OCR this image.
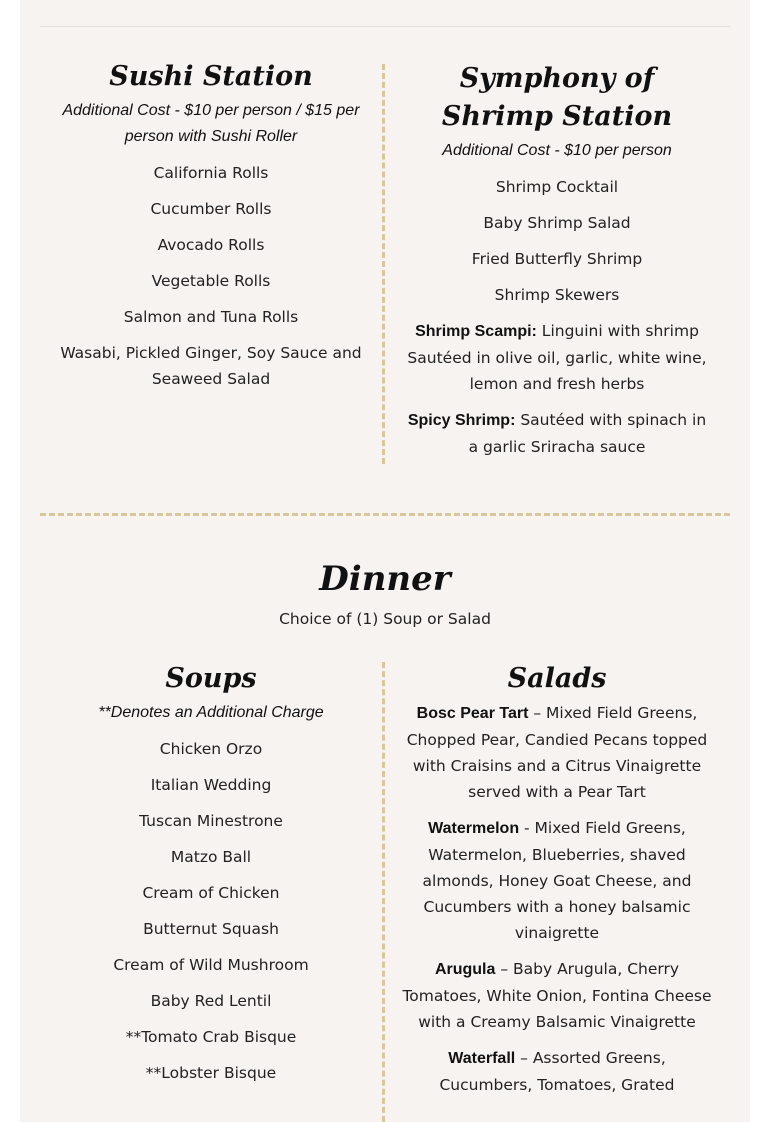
Sushi Station

Additional Cost - $10 per person / $15 per person with Sushi Roller

California Rolls

Cucumber Rolls

Avocado Rolls

Vegetable Rolls

Salmon and Tuna Rolls

Wasabi, Pickled Ginger, Soy Sauce and Seaweed Salad

Symphony of Shrimp Station

Additional Cost - $10 per person

Shrimp Cocktail

Baby Shrimp Salad

Fried Butterfly Shrimp

Shrimp Skewers

Shrimp Scampi: Linguini with shrimp Sautéed in olive oil, garlic, white wine, lemon and fresh herbs

Spicy Shrimp: Sautéed with spinach in a garlic Sriracha sauce

Dinner
Choice of (1) Soup or Salad
Soups

**Denotes an Additional Charge

Chicken Orzo

Italian Wedding

Tuscan Minestrone

Matzo Ball

Cream of Chicken

Butternut Squash

Cream of Wild Mushroom

Baby Red Lentil

**Tomato Crab Bisque

**Lobster Bisque

Salads

Bosc Pear Tart – Mixed Field Greens, Chopped Pear, Candied Pecans topped with Craisins and a Citrus Vinaigrette served with a Pear Tart

Watermelon - Mixed Field Greens, Watermelon, Blueberries, shaved almonds, Honey Goat Cheese, and Cucumbers with a honey balsamic vinaigrette

Arugula – Baby Arugula, Cherry Tomatoes, White Onion, Fontina Cheese with a Creamy Balsamic Vinaigrette

Waterfall – Assorted Greens, Cucumbers, Tomatoes, Grated
